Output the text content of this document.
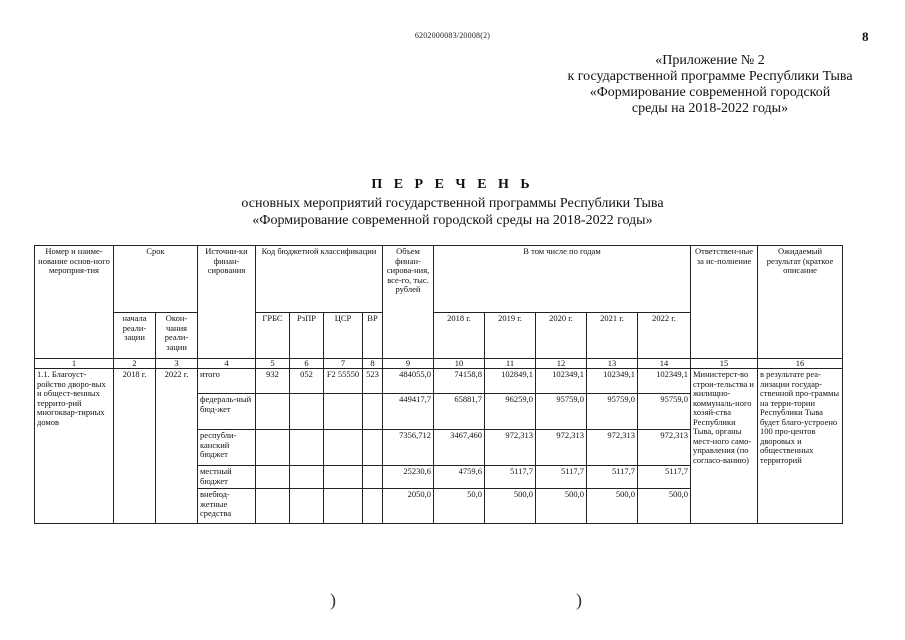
6202000083/20008(2)	8
«Приложение № 2
к государственной программе Республики Тыва
«Формирование современной городской
среды на 2018-2022 годы»
П Е Р Е Ч Е Н Ь
основных мероприятий государственной программы Республики Тыва
«Формирование современной городской среды на 2018-2022 годы»
Номер и наиме-нование основ-ного мероприя-тия	Срок		Источни-ки финан-сирования	Код бюджетной классификации				Объем финан-сирова-ния, все-го, тыс. рублей	В том числе по годам					Ответствен-ные за ис-полнение	Ожидаемый результат (краткое описание
	начала реали-зации	Окон-чания реали-зации		ГРБС	РзПР	ЦСР	ВР		2018 г.	2019 г.	2020 г.	2021 г.	2022 г.		
1	2	3	4	5	6	7	8	9	10	11	12	13	14	15	16
1.1. Благоуст-ройство дворо-вых и общест-венных террито-рий многоквар-тирных домов	2018 г.	2022 г.	итого	932	052	F2 55550	523	484055,0	74158,8	102849,1	102349,1	102349,1	102349,1	Министерст-во строи-тельства и жилищно-коммуналь-ного хозяй-ства Республики Тыва, органы мест-ного само-управления (по согласо-ванию)	в результате реа-лизации государ-ственной про-граммы на терри-тории Республики Тыва будет благо-устроено 100 про-центов дворовых и общественных территорий
			федераль-ный бюд-жет					449417,7	65881,7	96259,0	95759,0	95759,0	95759,0		
			республи-канский бюджет					7356,712	3467,460	972,313	972,313	972,313	972,313		
			местный бюджет					25230,6	4759,6	5117,7	5117,7	5117,7	5117,7		
			внебюд-жетные средства					2050,0	50,0	500,0	500,0	500,0	500,0		
)	)
